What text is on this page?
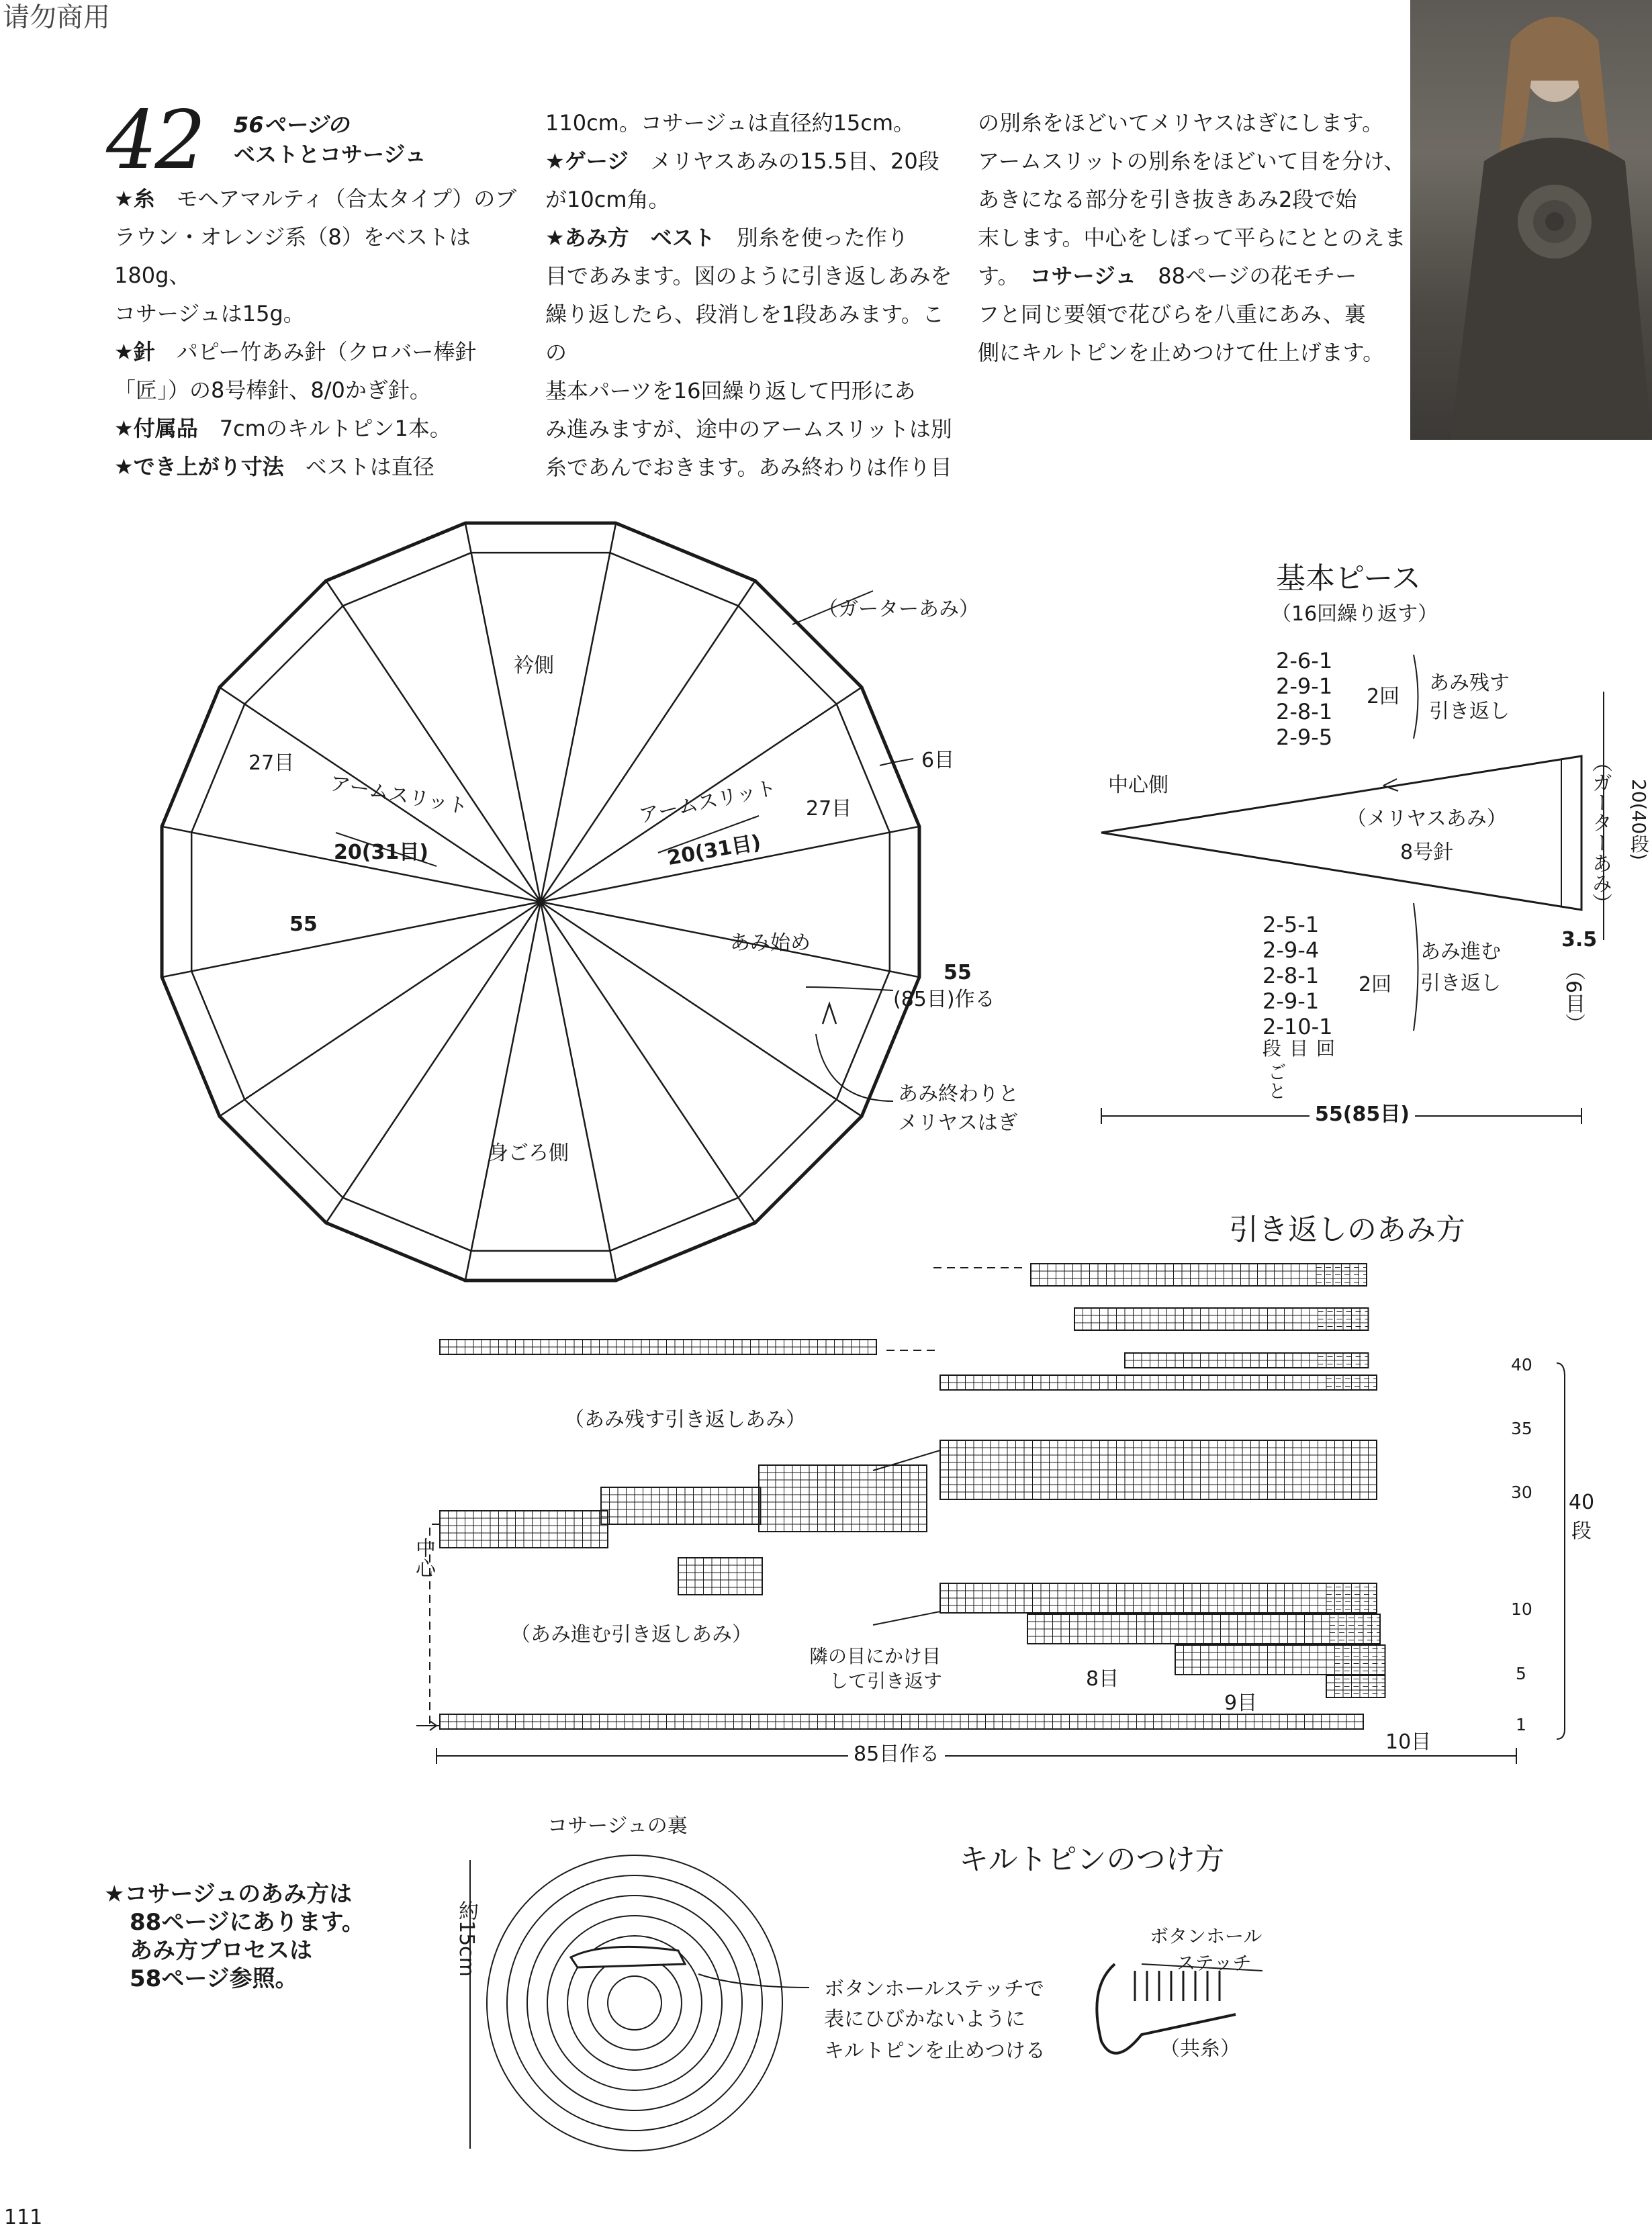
请勿商用
111
42 56ページの
ベストとコサージュ
★糸　モヘアマルティ（合太タイプ）のブ
ラウン・オレンジ系（8）をベストは180g、
コサージュは15g。
★針　パピー竹あみ針（クロバー棒針
「匠」）の8号棒針、8/0かぎ針。
★付属品　7cmのキルトピン1本。
★でき上がり寸法　ベストは直径
110cm。コサージュは直径約15cm。
★ゲージ　メリヤスあみの15.5目、20段
が10cm角。
★あみ方　ベスト　別糸を使った作り
目であみます。図のように引き返しあみを
繰り返したら、段消しを1段あみます。この
基本パーツを16回繰り返して円形にあ
み進みますが、途中のアームスリットは別
糸であんでおきます。あみ終わりは作り目
の別糸をほどいてメリヤスはぎにします。
アームスリットの別糸をほどいて目を分け、
あきになる部分を引き抜きあみ2段で始
末します。中心をしぼって平らにととのえま
す。　 コサージュ　88ページの花モチー
フと同じ要領で花びらを八重にあみ、裏
側にキルトピンを止めつけて仕上げます。
（ガーターあみ）
衿側
身ごろ側
27目
27目
アームスリット	アームスリット
20(31目)	20(31目)
6目
55
あみ始め
55
(85目)作る
あみ終わりと
メリヤスはぎ
基本ピース
（16回繰り返す）
2-6-1
2-9-1
2-8-1
2-9-5
2回
あみ残す
引き返し
中心側
（メリヤスあみ）
8号針	（ガーターあみ） 20(40段)
2-5-1
2-9-4
2-8-1
2-9-1
2-10-1
2回
あみ進む
引き返し
段目回
ごと
3.5
（6目）
55(85目)
引き返しのあみ方
（あみ残す引き返しあみ）
（あみ進む引き返しあみ）
中心
隣の目にかけ目
して引き返す	8目
9目
10目
40段
85目作る
40
35
30
10
5
1
★コサージュのあみ方は
88ページにあります。
あみ方プロセスは
58ページ参照。
コサージュの裏
約15cm
キルトピンのつけ方
ボタンホールステッチで
表にひびかないように
キルトピンを止めつける
ボタンホール
ステッチ
（共糸）
